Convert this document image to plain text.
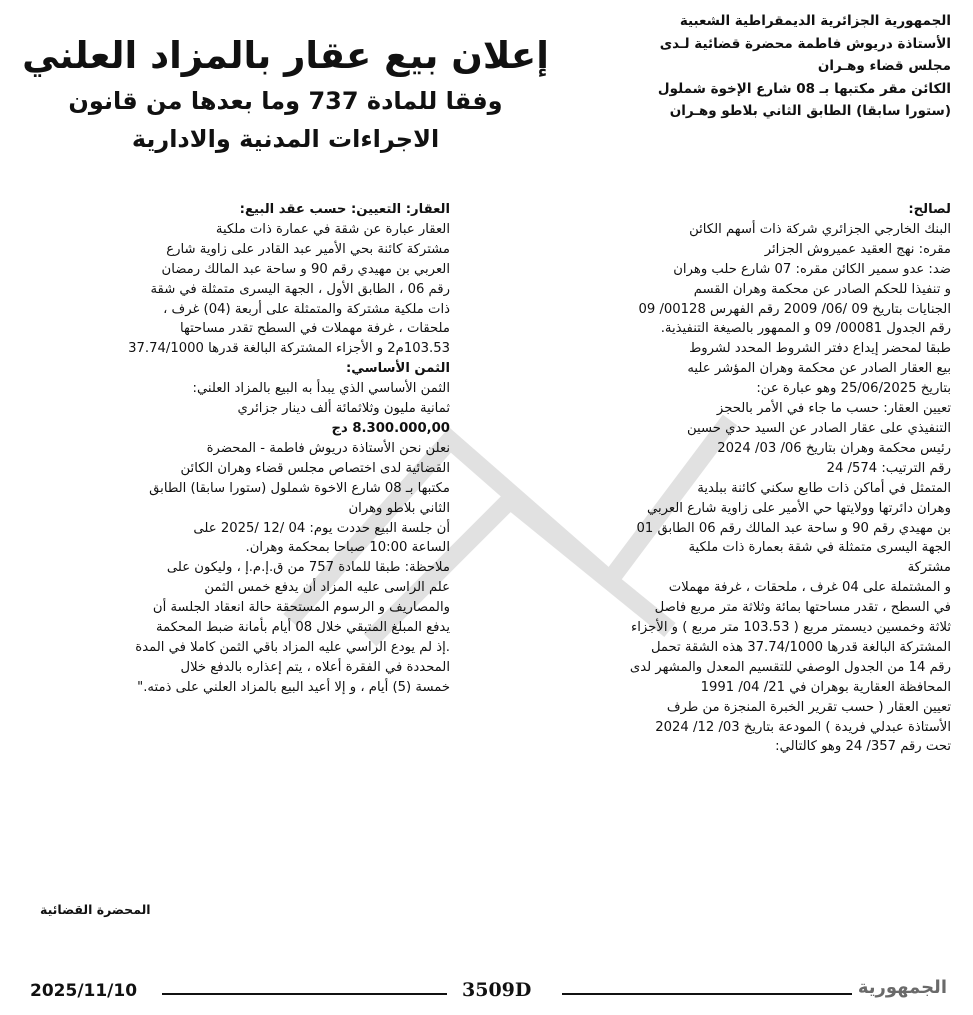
الجمهورية الجزائرية الديمقراطية الشعبية
الأستاذة دريوش فاطمة محضرة قضائية لـدى
مجلس قضاء وهـران
الكائن مقر مكتبها بـ 08 شارع الإخوة شملول
(ستورا سابقا) الطابق الثاني بلاطو وهـران
إعلان بيع عقار بالمزاد العلني
وفقا للمادة 737 وما بعدها من قانون
الاجراءات المدنية والادارية
لصالح:
البنك الخارجي الجزائري شركة ذات أسهم الكائن
مقره: نهج العقيد عميروش الجزائر
ضد: عدو سمير الكائن مقره: 07 شارع حلب وهران
و تنفيذا للحكم الصادر عن محكمة وهران القسم
الجنايات بتاريخ 09 /06/ 2009 رقم الفهرس 00128/ 09
رقم الجدول 00081/ 09 و الممهور بالصيغة التنفيذية.
طبقا لمحضر إيداع دفتر الشروط المحدد لشروط
بيع العقار الصادر عن محكمة وهران المؤشر عليه
بتاريخ 25/06/2025 وهو عبارة عن:
تعيين العقار: حسب ما جاء في الأمر بالحجز
التنفيذي على عقار الصادر عن السيد حدي حسين
رئيس محكمة وهران بتاريخ 06/ 03/ 2024
رقم الترتيب: 574/ 24
المتمثل في أماكن ذات طابع سكني كائنة ببلدية
وهران دائرتها وولايتها حي الأمير على زاوية شارع العربي
بن مهيدي رقم 90 و ساحة عبد المالك رقم 06 الطابق 01
الجهة اليسرى متمثلة في شقة بعمارة ذات ملكية
مشتركة
و المشتملة على 04 غرف ، ملحقات ، غرفة مهملات
في السطح ، تقدر مساحتها بمائة وثلاثة متر مربع فاصل
ثلاثة وخمسين ديسمتر مربع ( 103.53 متر مربع ) و الأجزاء
المشتركة البالغة قدرها 37.74/1000 هذه الشقة تحمل
رقم 14 من الجدول الوصفي للتقسيم المعدل والمشهر لدى
المحافظة العقارية بوهران في 21/ 04/ 1991
تعيين العقار ( حسب تقرير الخبرة المنجزة من طرف
الأستاذة عبدلي فريدة ) المودعة بتاريخ 03/ 12/ 2024
تحت رقم 357/ 24 وهو كالتالي:
العقار: التعيين: حسب عقد البيع:
العقار عبارة عن شقة في عمارة ذات ملكية
مشتركة كائنة بحي الأمير عبد القادر على زاوية شارع
العربي بن مهيدي رقم 90 و ساحة عبد المالك رمضان
رقم 06 ، الطابق الأول ، الجهة اليسرى متمثلة في شقة
ذات ملكية مشتركة والمتمثلة على أربعة (04) غرف ،
ملحقات ، غرفة مهملات في السطح تقدر مساحتها
103.53م2 و الأجزاء المشتركة البالغة قدرها 37.74/1000
الثمن الأساسي:
الثمن الأساسي الذي يبدأ به البيع بالمزاد العلني:
ثمانية مليون وثلاثمائة ألف دينار جزائري
8.300.000,00 دج
نعلن نحن الأستاذة دريوش فاطمة - المحضرة
القضائية لدى اختصاص مجلس قضاء وهران الكائن
مكتبها بـ 08 شارع الاخوة شملول (ستورا سابقا) الطابق
الثاني بلاطو وهران
أن جلسة البيع حددت يوم: 04 /12 /2025 على
الساعة 10:00 صباحا بمحكمة وهران.
ملاحظة: طبقا للمادة 757 من ق.إ.م.إ ، وليكون على
علم الراسى عليه المزاد أن يدفع خمس الثمن
والمصاريف و الرسوم المستحقة حالة انعقاد الجلسة أن
يدفع المبلغ المتبقي خلال 08 أيام بأمانة ضبط المحكمة
.إذ لم يودع الراسي عليه المزاد باقي الثمن كاملا في المدة
المحددة في الفقرة أعلاه ، يتم إعذاره بالدفع خلال
خمسة (5) أيام ، و إلا أعيد البيع بالمزاد العلني على ذمته."
المحضرة القضائية
2025/11/10	3509D	الجمهورية
